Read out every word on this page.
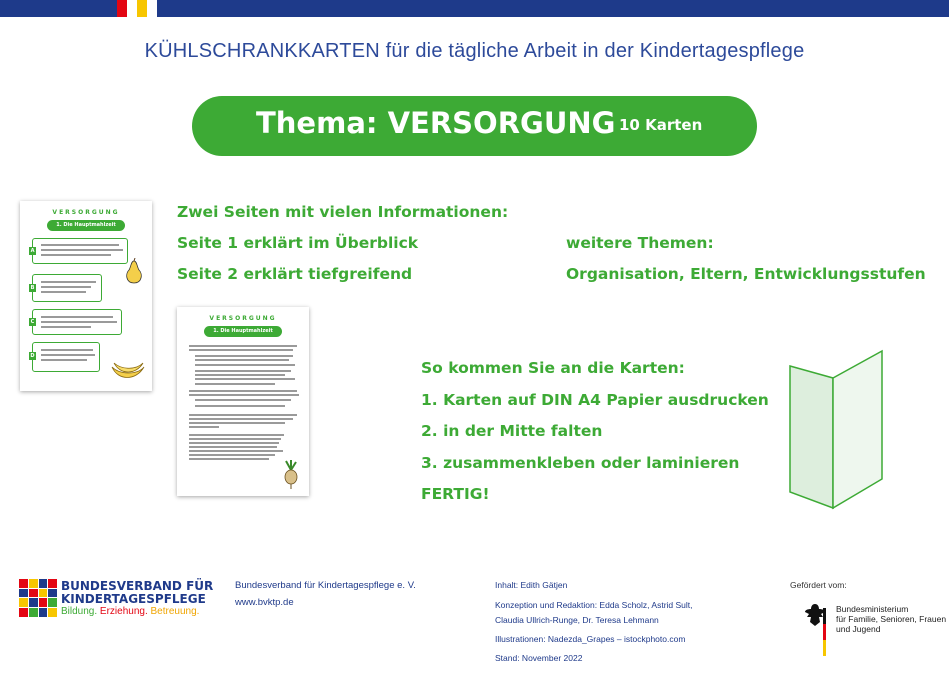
KÜHLSCHRANKKARTEN für die tägliche Arbeit in der Kindertagespflege
Thema: VERSORGUNG 10 Karten
VERSORGUNG
1. Die Hauptmahlzeit
A
B
C
D
VERSORGUNG
1. Die Hauptmahlzeit
Zwei Seiten mit vielen Informationen:
Seite 1 erklärt im Überblick
Seite 2 erklärt tiefgreifend
weitere Themen:
Organisation, Eltern, Entwicklungsstufen
So kommen Sie an die Karten:
1. Karten auf DIN A4 Papier ausdrucken
2. in der Mitte falten
3. zusammenkleben oder laminieren
FERTIG!
BUNDESVERBAND FÜR
KINDERTAGESPFLEGE
Bildung. Erziehung. Betreuung.
Bundesverband für Kindertagespflege e. V.
www.bvktp.de
Inhalt: Edith Gätjen
Konzeption und Redaktion: Edda Scholz, Astrid Sult,
Claudia Ullrich-Runge, Dr. Teresa Lehmann
Illustrationen: Nadezda_Grapes – istockphoto.com
Stand: November 2022
Gefördert vom:
Bundesministerium
für Familie, Senioren, Frauen
und Jugend
